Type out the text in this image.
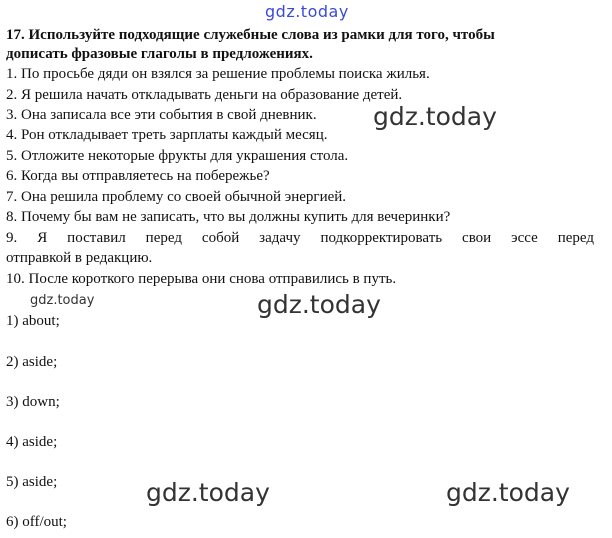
gdz.today
17. Используйте подходящие служебные слова из рамки для того, чтобы
дописать фразовые глаголы в предложениях.
1. По просьбе дяди он взялся за решение проблемы поиска жилья.
2. Я решила начать откладывать деньги на образование детей.
3. Она записала все эти события в свой дневник.
4. Рон откладывает треть зарплаты каждый месяц.
5. Отложите некоторые фрукты для украшения стола.
6. Когда вы отправляетесь на побережье?
7. Она решила проблему со своей обычной энергией.
8. Почему бы вам не записать, что вы должны купить для вечеринки?
9. Я поставил перед собой задачу подкорректировать свои эссе перед
отправкой в редакцию.
10. После короткого перерыва они снова отправились в путь.
gdz.today
gdz.today	gdz.today
1) about;
2) aside;
3) down;
4) aside;
5) aside;
6) off/out;
gdz.today	gdz.today
